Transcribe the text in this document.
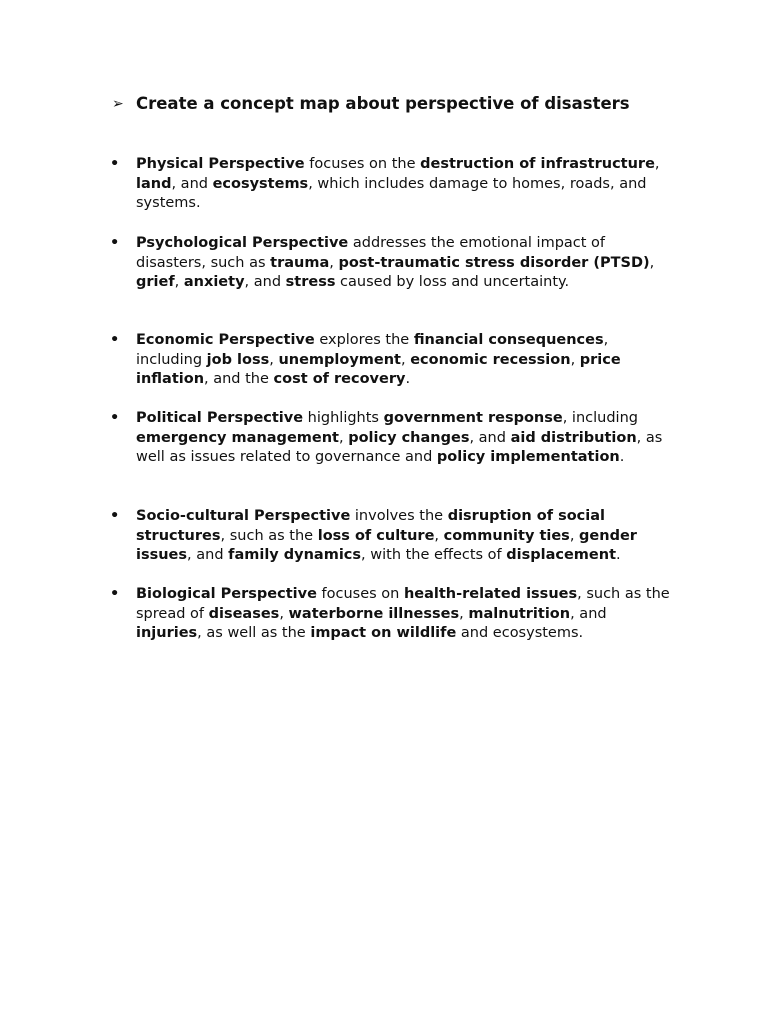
➢ Create a concept map about perspective of disasters
•	Physical Perspective focuses on the destruction of infrastructure, land, and ecosystems, which includes damage to homes, roads, and systems.
•	Psychological Perspective addresses the emotional impact of disasters, such as trauma, post-traumatic stress disorder (PTSD), grief, anxiety, and stress caused by loss and uncertainty.
•	Economic Perspective explores the financial consequences, including job loss, unemployment, economic recession, price inflation, and the cost of recovery.
•	Political Perspective highlights government response, including emergency management, policy changes, and aid distribution, as well as issues related to governance and policy implementation.
•	Socio-cultural Perspective involves the disruption of social structures, such as the loss of culture, community ties, gender issues, and family dynamics, with the effects of displacement.
•	Biological Perspective focuses on health-related issues, such as the spread of diseases, waterborne illnesses, malnutrition, and injuries, as well as the impact on wildlife and ecosystems.
